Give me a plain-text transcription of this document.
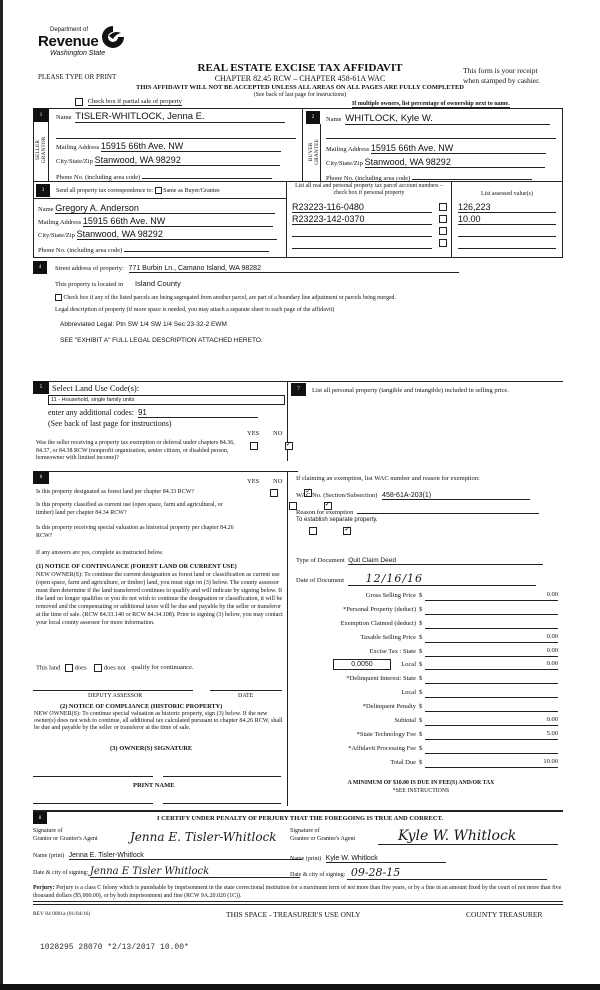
Department of
Revenue
Washington State
PLEASE TYPE OR PRINT
REAL ESTATE EXCISE TAX AFFIDAVIT
CHAPTER 82.45 RCW – CHAPTER 458-61A WAC
This form is your receipt
when stamped by cashier.
THIS AFFIDAVIT WILL NOT BE ACCEPTED UNLESS ALL AREAS ON ALL PAGES ARE FULLY COMPLETED
(See back of last page for instructions)
Check box if partial sale of property	If multiple owners, list percentage of ownership next to name.
1
SELLER GRANTOR
Name TISLER-WHITLOCK, Jenna E.
Mailing Address 15915 66th Ave. NW
City/State/Zip Stanwood, WA 98292
Phone No. (including area code)
2
BUYER GRANTEE
Name WHITLOCK, Kyle W.
Mailing Address 15915 66th Ave. NW
City/State/Zip Stanwood, WA 98292
Phone No. (including area code)
3	Send all property tax correspondence to: Same as Buyer/Grantee
Name Gregory A. Anderson
Mailing Address 15915 66th Ave. NW
City/State/Zip Stanwood, WA 98292
Phone No. (including area code)
List all real and personal property tax parcel account numbers – check box if personal property	List assessed value(s)
R23223-116-0480	126,223
R23223-142-0370	10.00
4	Street address of property: 771 Burbin Ln., Camano Island, WA 98282
This property is located in Island County
Check box if any of the listed parcels are being segregated from another parcel, are part of a boundary line adjustment or parcels being merged.
Legal description of property (if more space is needed, you may attach a separate sheet to each page of the affidavit)
Abbreviated Legal: Ptn SW 1/4 SW 1/4 Sec 23-32-2 EWM
SEE "EXHIBIT A" FULL LEGAL DESCRIPTION ATTACHED HERETO.
5	Select Land Use Code(s):
11 - Household, single family units
enter any additional codes: 91
(See back of last page for instructions)
YES NO
Was the seller receiving a property tax exemption or deferral under chapters 84.36, 84.37, or 84.38 RCW (nonprofit organization, senior citizen, or disabled person, homeowner with limited income)?
✓
6
YES NO
Is this property designated as forest land per chapter 84.33 RCW?
✓
Is this property classified as current use (open space, farm and agricultural, or timber) land per chapter 84.34 RCW?
✓
Is this property receiving special valuation as historical property per chapter 84.26 RCW?
✓
If any answers are yes, complete as instructed below.
(1) NOTICE OF CONTINUANCE (FOREST LAND OR CURRENT USE)
NEW OWNER(S): To continue the current designation as forest land or classification as current use (open space, farm and agriculture, or timber) land, you must sign on (3) below. The county assessor must then determine if the land transferred continues to qualify and will indicate by signing below. If the land no longer qualifies or you do not wish to continue the designation or classification, it will be removed and the compensating or additional taxes will be due and payable by the seller or transferor at the time of sale. (RCW 84.33.140 or RCW 84.34.108). Prior to signing (3) below, you may contact your local county assessor for more information.
This land does	does not qualify for continuance.
DEPUTY ASSESSOR	DATE
(2) NOTICE OF COMPLIANCE (HISTORIC PROPERTY)
NEW OWNER(S): To continue special valuation as historic property, sign (3) below. If the new owner(s) does not wish to continue, all additional tax calculated pursuant to chapter 84.26 RCW, shall be due and payable by the seller or transferor at the time of sale.
(3) OWNER(S) SIGNATURE
PRINT NAME
7	List all personal property (tangible and intangible) included in selling price.
If claiming an exemption, list WAC number and reason for exemption:
WAC No. (Section/Subsection) 458-61A-203(1)
Reason for exemption
To establish separate property.
Type of Document Quit Claim Deed
Date of Document 12/16/16
Gross Selling Price $	0.00
*Personal Property (deduct) $
Exemption Claimed (deduct) $
Taxable Selling Price $	0.00
Excise Tax : State $	0.00
0.0050	Local $	0.00
*Delinquent Interest: State $
Local $
*Delinquent Penalty $
Subtotal $	0.00
*State Technology Fee $	5.00
*Affidavit Processing Fee $
Total Due $	10.00
A MINIMUM OF $10.00 IS DUE IN FEE(S) AND/OR TAX
*SEE INSTRUCTIONS
8	I CERTIFY UNDER PENALTY OF PERJURY THAT THE FOREGOING IS TRUE AND CORRECT.
Signature of
Grantor or Grantor's Agent	Jenna E. Tisler-Whitlock	Signature of
Grantee or Grantee's Agent	Kyle W. Whitlock
Name (print) Jenna E. Tisler-Whitlock	Name (print) Kyle W. Whitlock
Date & city of signing: Jenna E Tisler Whitlock	Date & city of signing: 09-28-15
Perjury: Perjury is a class C felony which is punishable by imprisonment in the state correctional institution for a maximum term of not more than five years, or by a fine in an amount fixed by the court of not more than five thousand dollars ($5,000.00), or by both imprisonment and fine (RCW 9A.20.020 (1C)).
REV 84 0001a (01/04/16)	THIS SPACE - TREASURER'S USE ONLY	COUNTY TREASURER
1028295 28070 *2/13/2017 10.00*
